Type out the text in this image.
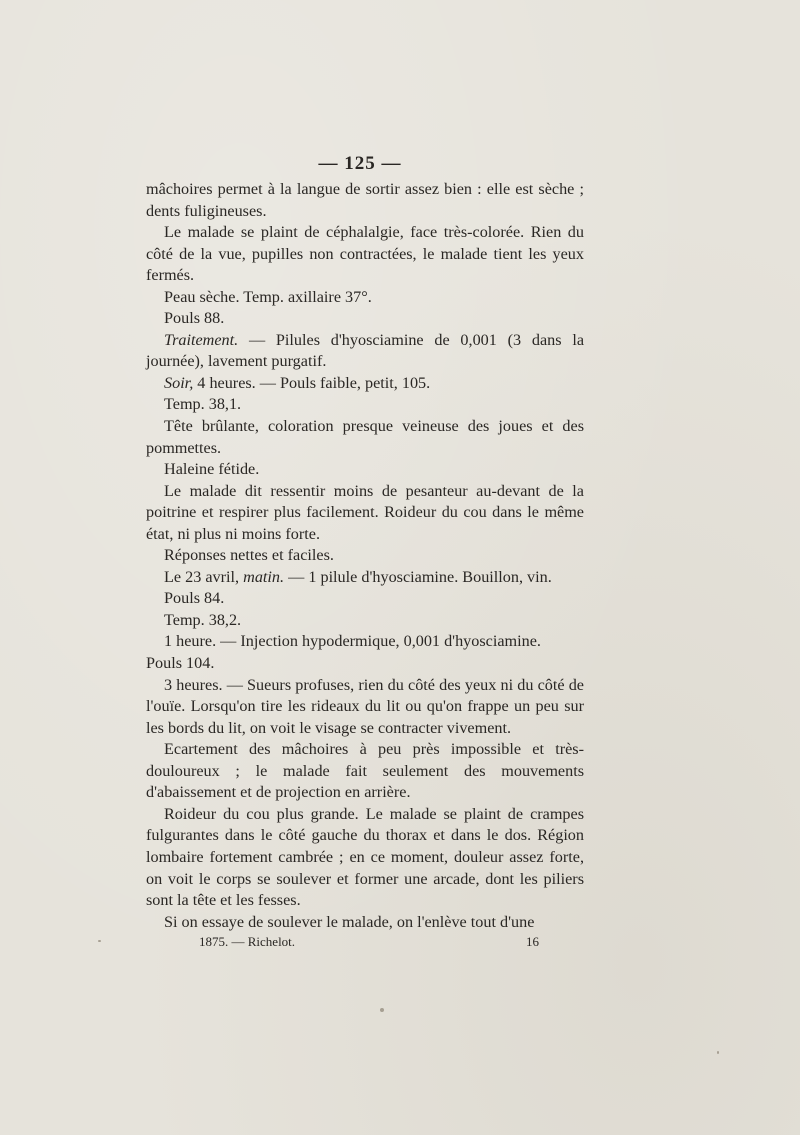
— 125 —

mâchoires permet à la langue de sortir assez bien : elle est sèche ; dents fuligineuses.

Le malade se plaint de céphalalgie, face très-colorée. Rien du côté de la vue, pupilles non contractées, le malade tient les yeux fermés.

Peau sèche. Temp. axillaire 37°.

Pouls 88.

Traitement. — Pilules d'hyosciamine de 0,001 (3 dans la journée), lavement purgatif.

Soir, 4 heures. — Pouls faible, petit, 105.

Temp. 38,1.

Tête brûlante, coloration presque veineuse des joues et des pommettes.

Haleine fétide.

Le malade dit ressentir moins de pesanteur au-devant de la poitrine et respirer plus facilement. Roideur du cou dans le même état, ni plus ni moins forte.

Réponses nettes et faciles.

Le 23 avril, matin. — 1 pilule d'hyosciamine. Bouillon, vin.

Pouls 84.

Temp. 38,2.

1 heure. — Injection hypodermique, 0,001 d'hyosciamine.

Pouls 104.

3 heures. — Sueurs profuses, rien du côté des yeux ni du côté de l'ouïe. Lorsqu'on tire les rideaux du lit ou qu'on frappe un peu sur les bords du lit, on voit le visage se contracter vivement.

Ecartement des mâchoires à peu près impossible et très-douloureux ; le malade fait seulement des mouvements d'abaissement et de projection en arrière.

Roideur du cou plus grande. Le malade se plaint de crampes fulgurantes dans le côté gauche du thorax et dans le dos. Région lombaire fortement cambrée ; en ce moment, douleur assez forte, on voit le corps se soulever et former une arcade, dont les piliers sont la tête et les fesses.

Si on essaye de soulever le malade, on l'enlève tout d'une

1875. — Richelot.	16
